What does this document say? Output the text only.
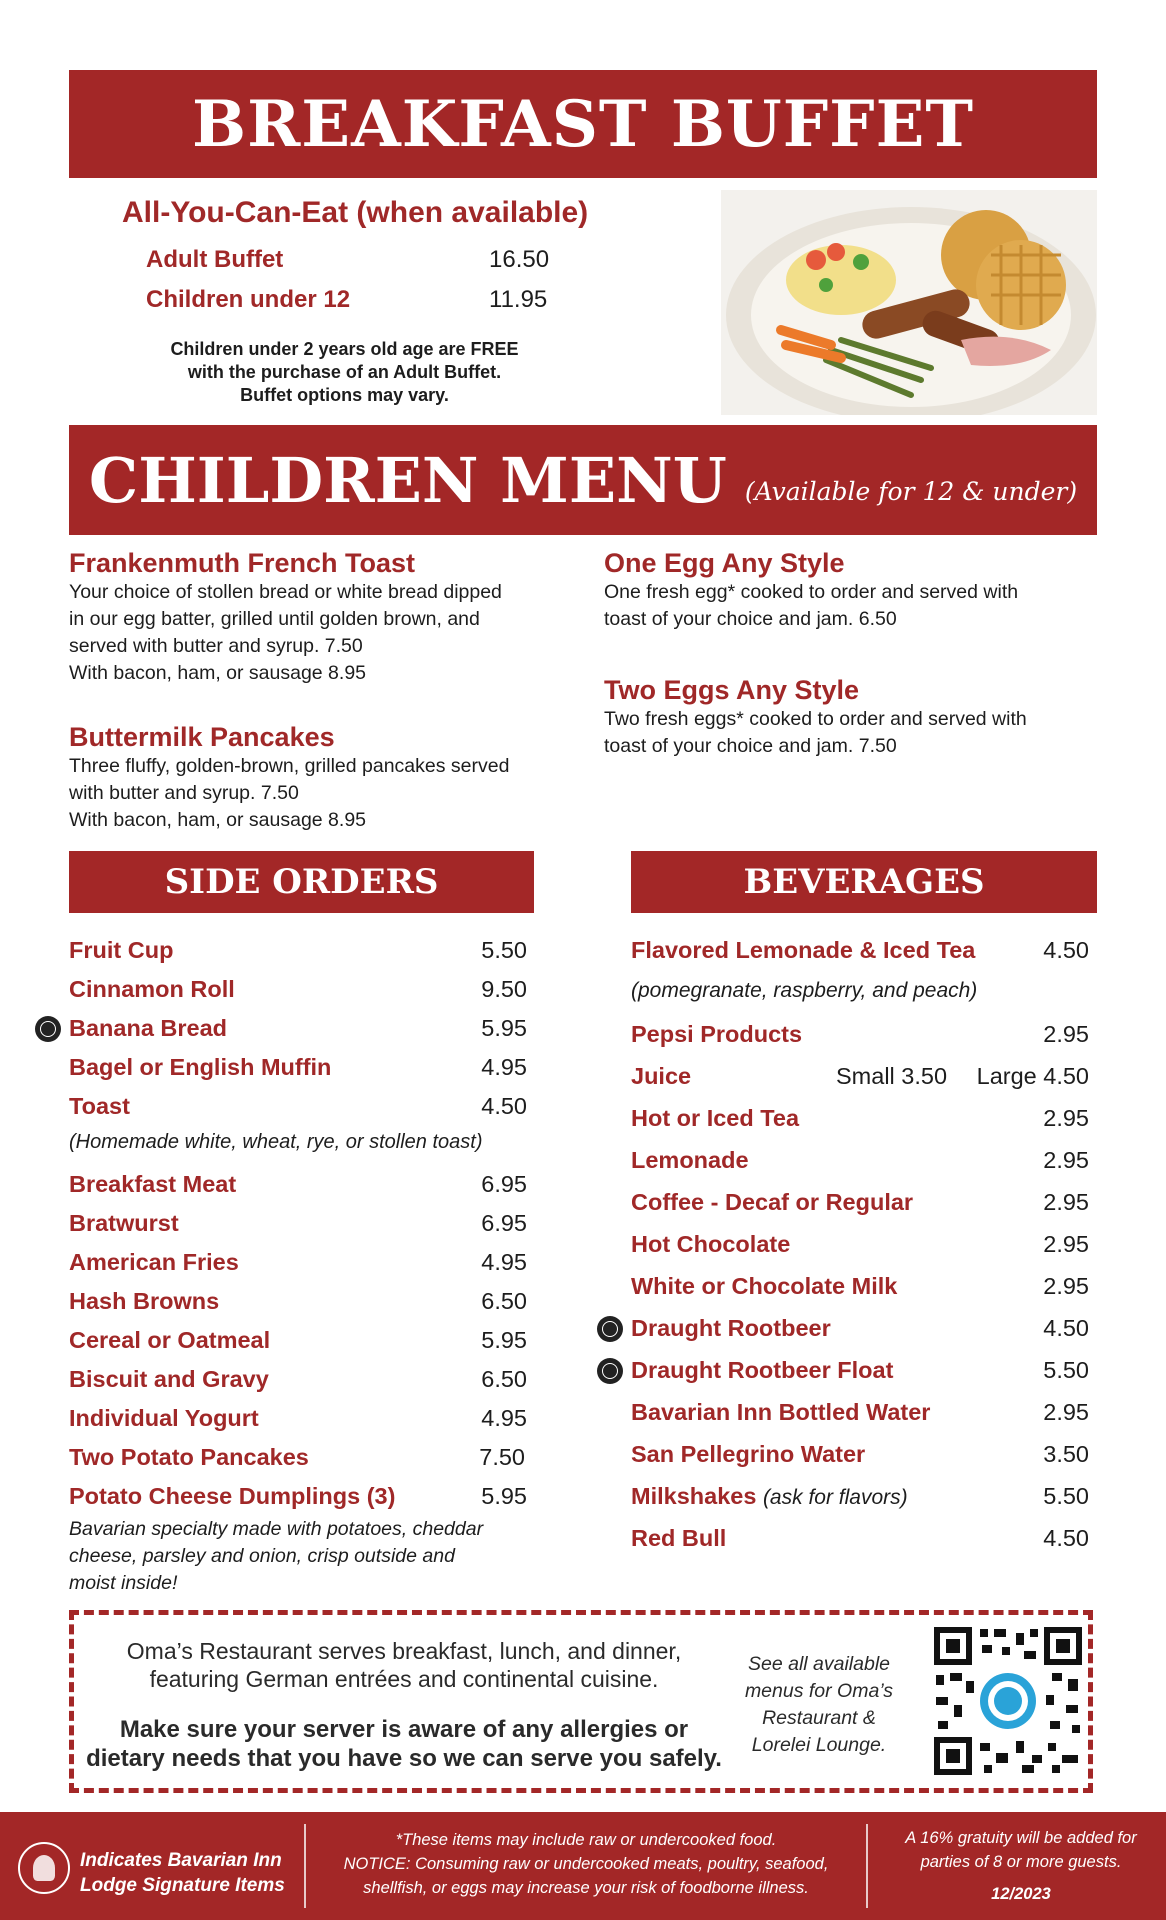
BREAKFAST BUFFET
All-You-Can-Eat (when available)
Adult Buffet	16.50
Children under 12	11.95
Children under 2 years old age are FREE
with the purchase of an Adult Buffet.
Buffet options may vary.
CHILDREN MENU (Available for 12 & under)
Frankenmuth French Toast
Your choice of stollen bread or white bread dipped
in our egg batter, grilled until golden brown, and
served with butter and syrup. 7.50
With bacon, ham, or sausage 8.95
Buttermilk Pancakes
Three fluffy, golden-brown, grilled pancakes served
with butter and syrup. 7.50
With bacon, ham, or sausage 8.95
One Egg Any Style
One fresh egg* cooked to order and served with
toast of your choice and jam. 6.50
Two Eggs Any Style
Two fresh eggs* cooked to order and served with
toast of your choice and jam. 7.50
SIDE ORDERS
Fruit Cup	5.50
Cinnamon Roll	9.50
Banana Bread	5.95
Bagel or English Muffin	4.95
Toast	4.50
(Homemade white, wheat, rye, or stollen toast)
Breakfast Meat	6.95
Bratwurst	6.95
American Fries	4.95
Hash Browns	6.50
Cereal or Oatmeal	5.95
Biscuit and Gravy	6.50
Individual Yogurt	4.95
Two Potato Pancakes	7.50
Potato Cheese Dumplings (3)	5.95
Bavarian specialty made with potatoes, cheddar
cheese, parsley and onion, crisp outside and
moist inside!
BEVERAGES
Flavored Lemonade & Iced Tea	4.50
(pomegranate, raspberry, and peach)
Pepsi Products	2.95
Juice	Small 3.50 Large 4.50
Hot or Iced Tea	2.95
Lemonade	2.95
Coffee - Decaf or Regular	2.95
Hot Chocolate	2.95
White or Chocolate Milk	2.95
Draught Rootbeer	4.50
Draught Rootbeer Float	5.50
Bavarian Inn Bottled Water	2.95
San Pellegrino Water	3.50
Milkshakes (ask for flavors)	5.50
Red Bull	4.50
Oma’s Restaurant serves breakfast, lunch, and dinner,
featuring German entrées and continental cuisine.
Make sure your server is aware of any allergies or
dietary needs that you have so we can serve you safely.
See all available
menus for Oma’s
Restaurant &
Lorelei Lounge.
Indicates Bavarian Inn
Lodge Signature Items
*These items may include raw or undercooked food.
NOTICE: Consuming raw or undercooked meats, poultry, seafood,
shellfish, or eggs may increase your risk of foodborne illness.
A 16% gratuity will be added for
parties of 8 or more guests.
12/2023
